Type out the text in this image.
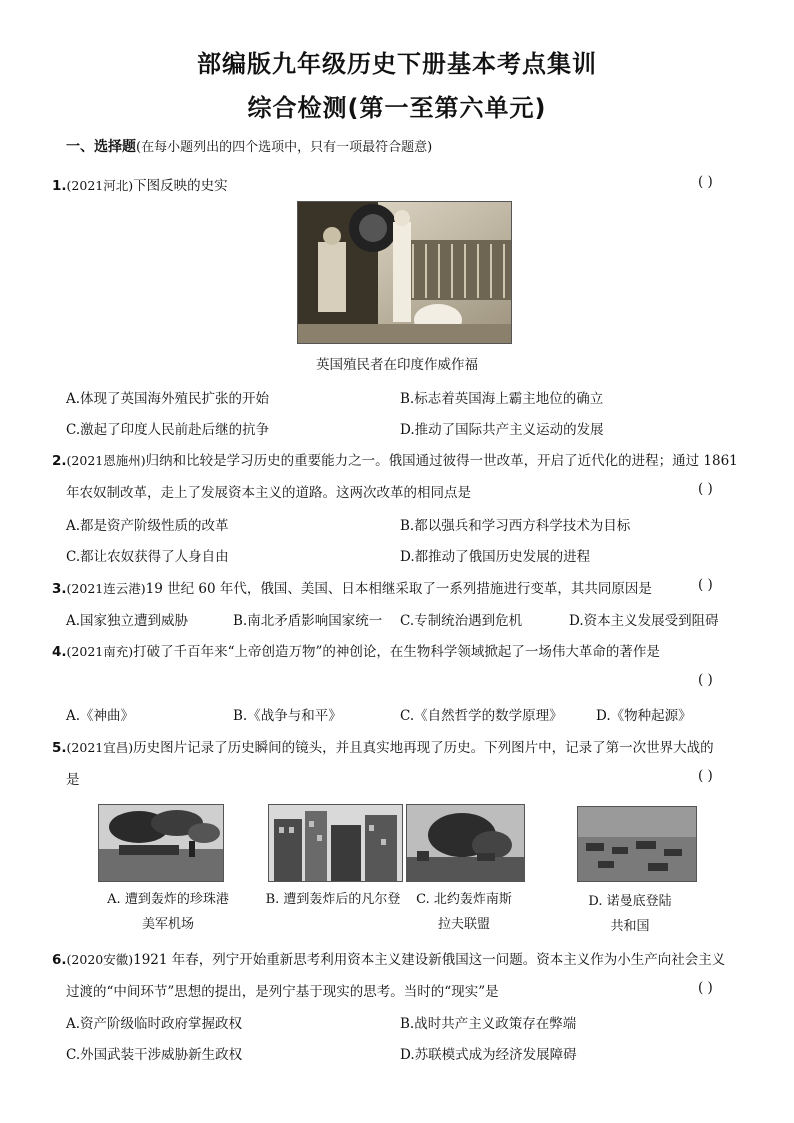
部编版九年级历史下册基本考点集训
综合检测(第一至第六单元)
一、选择题(在每小题列出的四个选项中，只有一项最符合题意)
1.(2021河北)下图反映的史实	( )
英国殖民者在印度作威作福
A.体现了英国海外殖民扩张的开始	B.标志着英国海上霸主地位的确立
C.激起了印度人民前赴后继的抗争	D.推动了国际共产主义运动的发展
2.(2021恩施州)归纳和比较是学习历史的重要能力之一。俄国通过彼得一世改革，开启了近代化的进程；通过 1861
年农奴制改革，走上了发展资本主义的道路。这两次改革的相同点是	( )
A.都是资产阶级性质的改革	B.都以强兵和学习西方科学技术为目标
C.都让农奴获得了人身自由	D.都推动了俄国历史发展的进程
3.(2021连云港)19 世纪 60 年代，俄国、美国、日本相继采取了一系列措施进行变革，其共同原因是	( )
A.国家独立遭到威胁	B.南北矛盾影响国家统一 C.专制统治遇到危机	D.资本主义发展受到阻碍
4.(2021南充)打破了千百年来“上帝创造万物”的神创论，在生物科学领域掀起了一场伟大革命的著作是
( )
A.《神曲》	B.《战争与和平》	C.《自然哲学的数学原理》 D.《物种起源》
5.(2021宜昌)历史图片记录了历史瞬间的镜头，并且真实地再现了历史。下列图片中，记录了第一次世界大战的
是	( )
A. 遭到轰炸的珍珠港
美军机场
B. 遭到轰炸后的凡尔登	C. 北约轰炸南斯
拉夫联盟
D. 诺曼底登陆
共和国
6.(2020安徽)1921 年春，列宁开始重新思考利用资本主义建设新俄国这一问题。资本主义作为小生产向社会主义
过渡的“中间环节”思想的提出，是列宁基于现实的思考。当时的“现实”是	( )
A.资产阶级临时政府掌握政权	B.战时共产主义政策存在弊端
C.外国武装干涉威胁新生政权	D.苏联模式成为经济发展障碍
